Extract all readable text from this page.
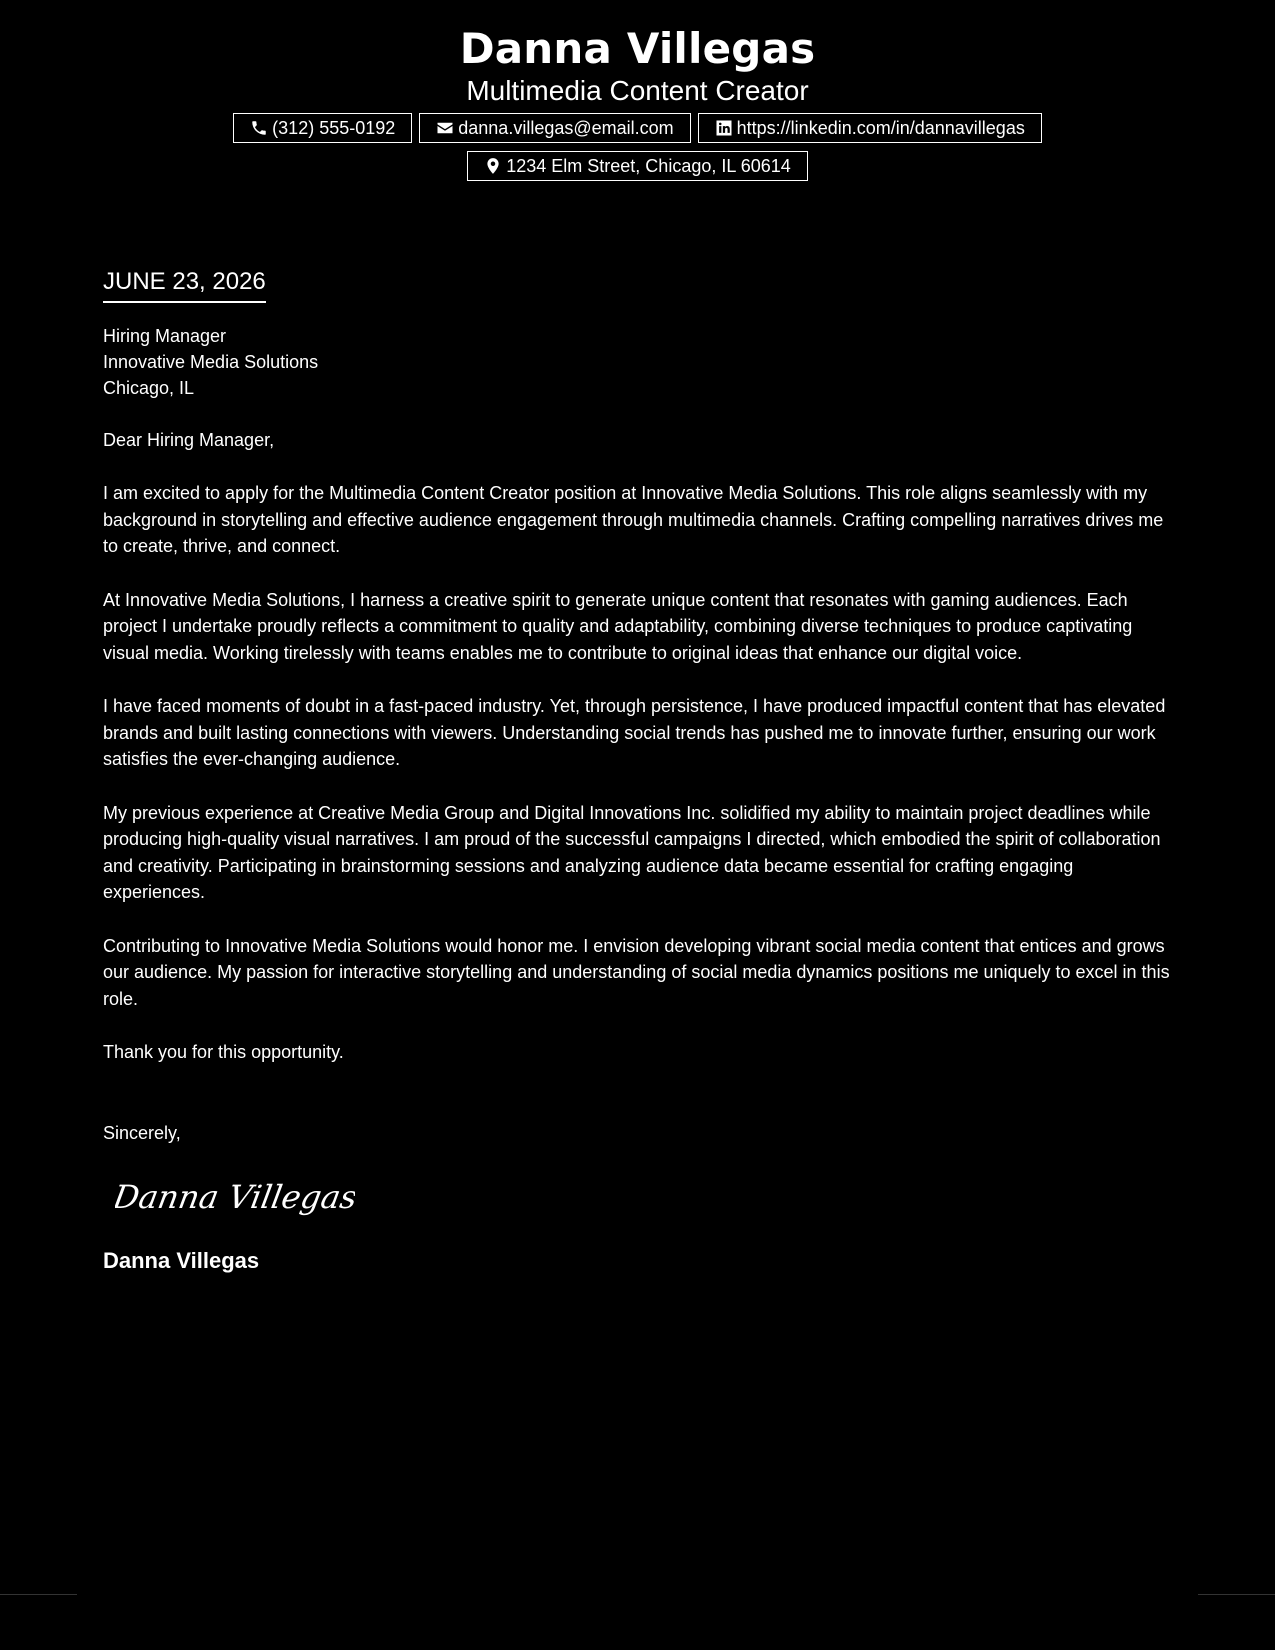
Danna Villegas
Multimedia Content Creator
(312) 555-0192	danna.villegas@email.com	https://linkedin.com/in/dannavillegas
1234 Elm Street, Chicago, IL 60614
JUNE 23, 2026
Hiring Manager
Innovative Media Solutions
Chicago, IL
Dear Hiring Manager,

I am excited to apply for the Multimedia Content Creator position at Innovative Media Solutions. This role aligns seamlessly with my background in storytelling and effective audience engagement through multimedia channels. Crafting compelling narratives drives me to create, thrive, and connect.

At Innovative Media Solutions, I harness a creative spirit to generate unique content that resonates with gaming audiences. Each project I undertake proudly reflects a commitment to quality and adaptability, combining diverse techniques to produce captivating visual media. Working tirelessly with teams enables me to contribute to original ideas that enhance our digital voice.

I have faced moments of doubt in a fast-paced industry. Yet, through persistence, I have produced impactful content that has elevated brands and built lasting connections with viewers. Understanding social trends has pushed me to innovate further, ensuring our work satisfies the ever-changing audience.

My previous experience at Creative Media Group and Digital Innovations Inc. solidified my ability to maintain project deadlines while producing high-quality visual narratives. I am proud of the successful campaigns I directed, which embodied the spirit of collaboration and creativity. Participating in brainstorming sessions and analyzing audience data became essential for crafting engaging experiences.

Contributing to Innovative Media Solutions would honor me. I envision developing vibrant social media content that entices and grows our audience. My passion for interactive storytelling and understanding of social media dynamics positions me uniquely to excel in this role.

Thank you for this opportunity.

Sincerely,
Danna Villegas
Danna Villegas
